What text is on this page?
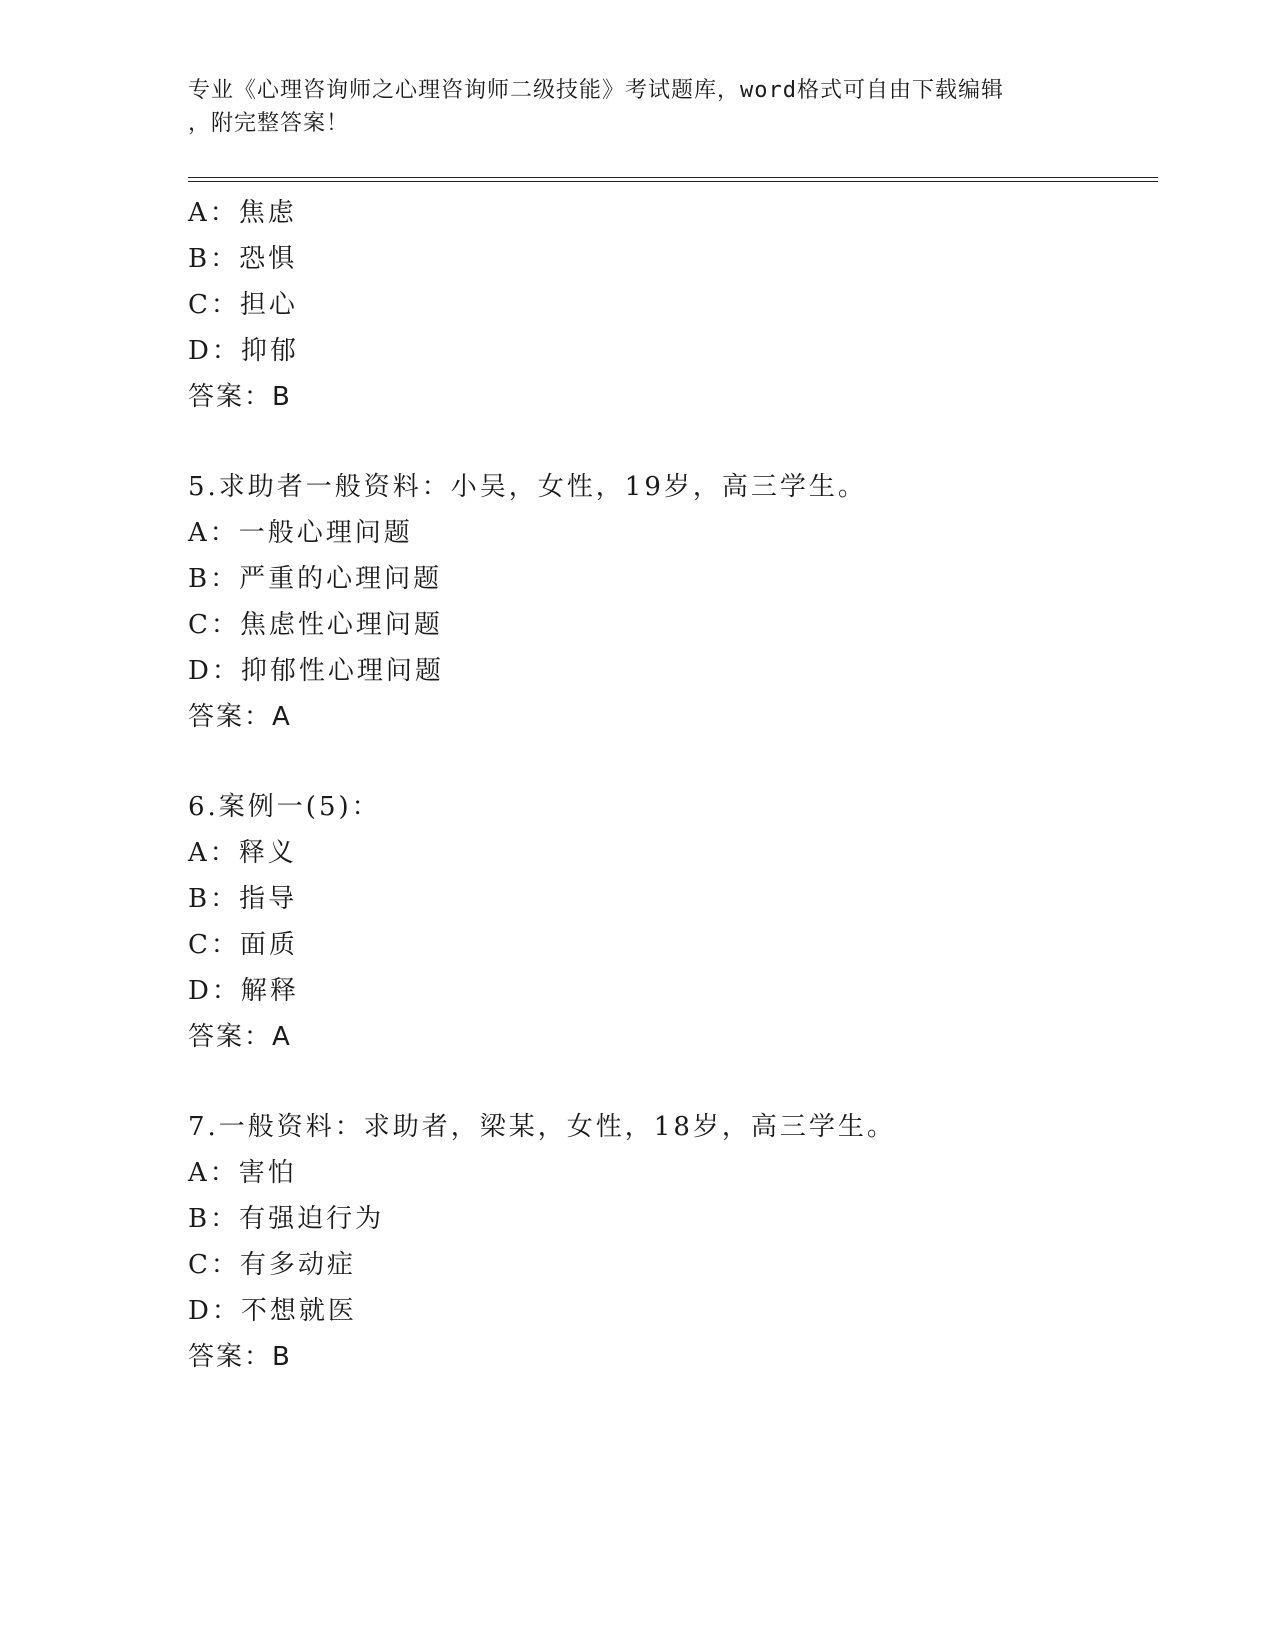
专业《心理咨询师之心理咨询师二级技能》考试题库，word格式可自由下载编辑
，附完整答案！
A：焦虑
B：恐惧
C：担心
D：抑郁
答案：B
5.求助者一般资料：小吴，女性，19岁，高三学生。
A：一般心理问题
B：严重的心理问题
C：焦虑性心理问题
D：抑郁性心理问题
答案：A
6.案例一(5)：
A：释义
B：指导
C：面质
D：解释
答案：A
7.一般资料：求助者，梁某，女性，18岁，高三学生。
A：害怕
B：有强迫行为
C：有多动症
D：不想就医
答案：B
